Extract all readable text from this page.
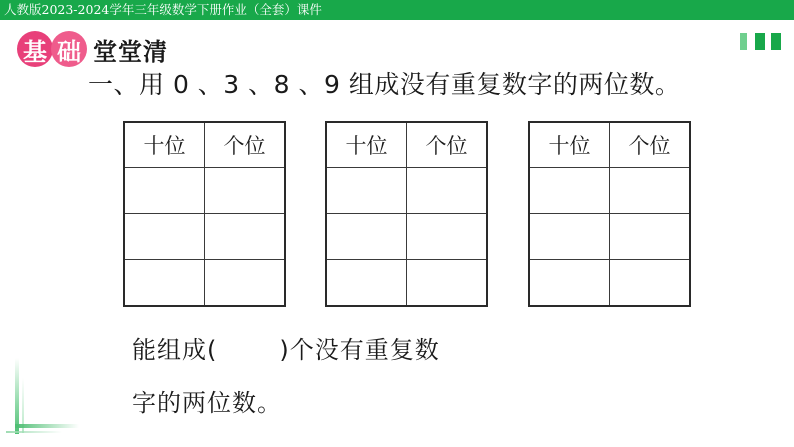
人教版2023-2024学年三年级数学下册作业（全套）课件
基 础 堂堂清
一、用 0 、3 、8 、9 组成没有重复数字的两位数。
十位	个位

		十位	个位

		十位	个位

能组成(	)个没有重复数
字的两位数。
